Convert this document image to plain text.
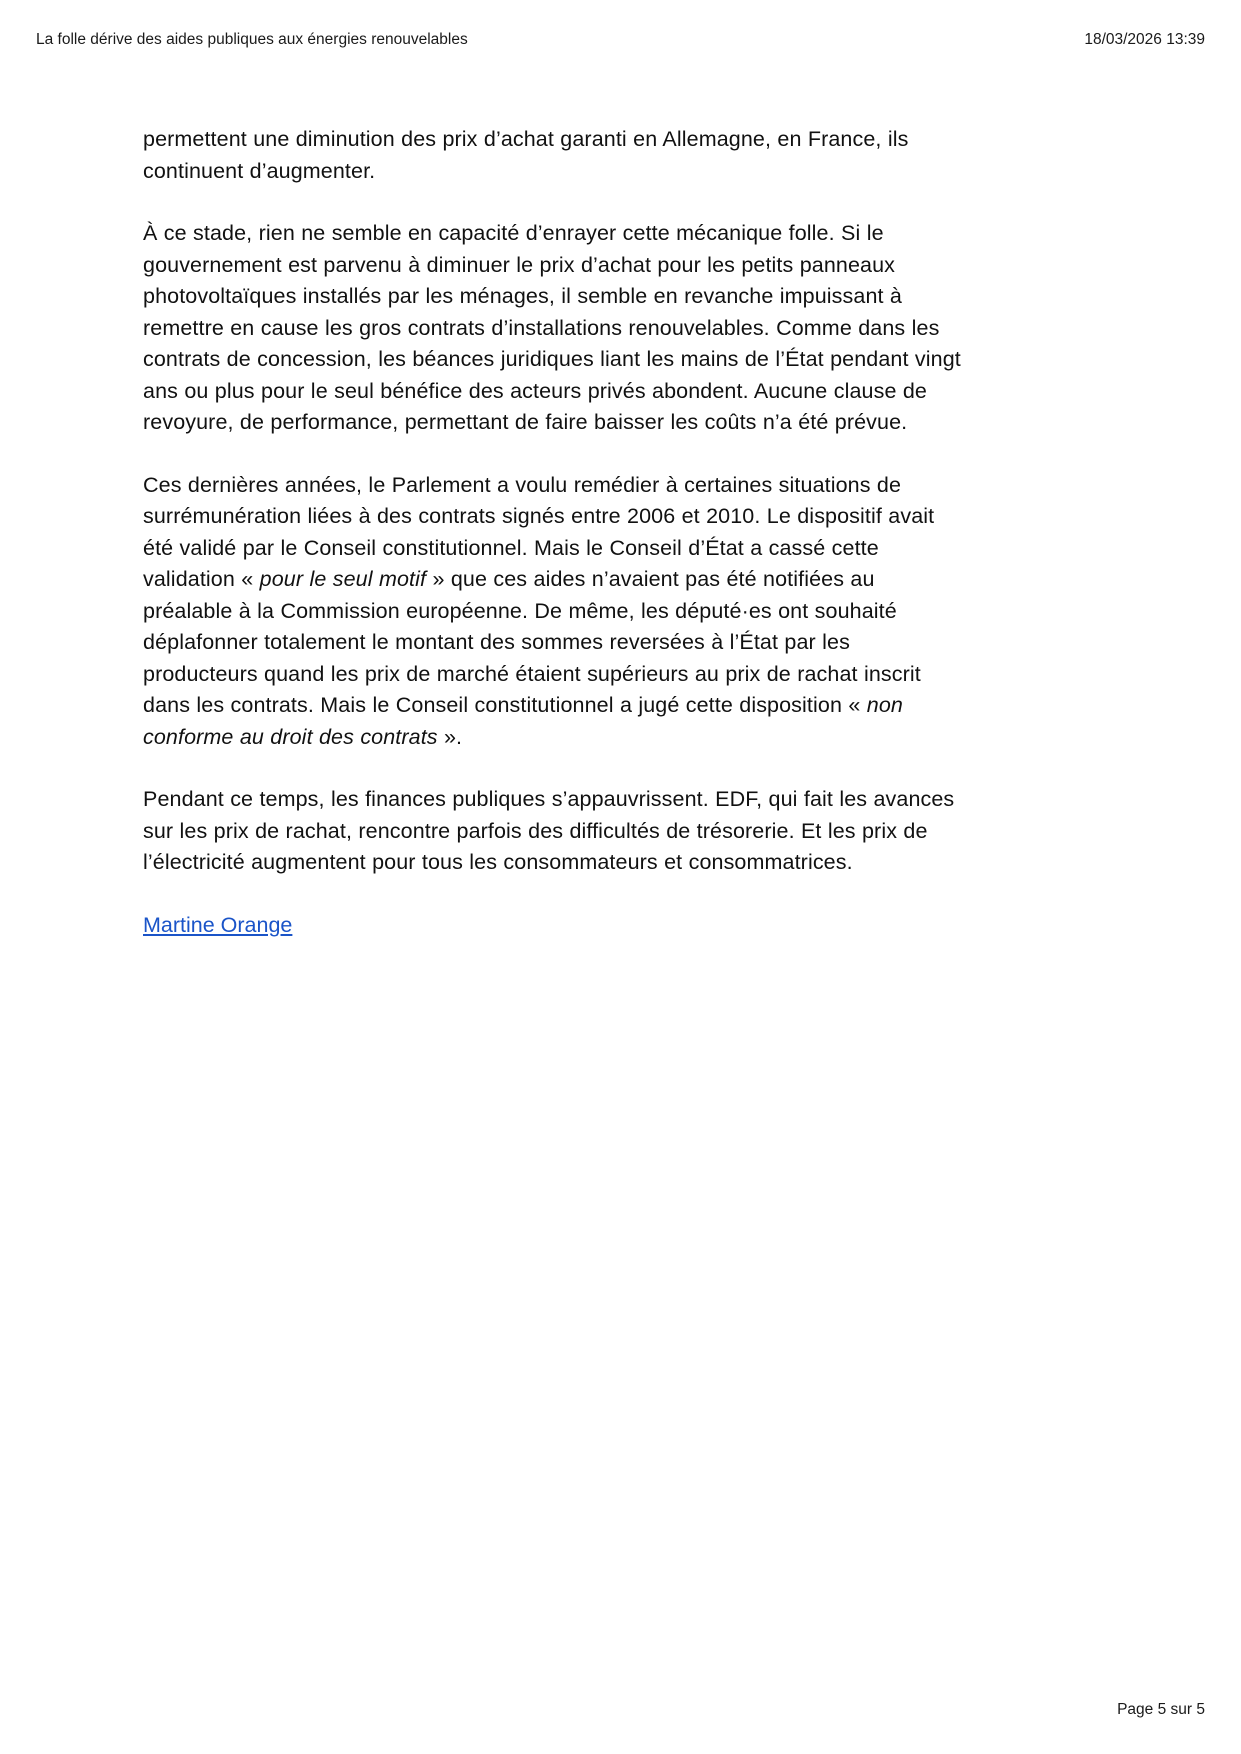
La folle dérive des aides publiques aux énergies renouvelables	18/03/2026 13:39

permettent une diminution des prix d’achat garanti en Allemagne, en France, ils continuent d’augmenter.

À ce stade, rien ne semble en capacité d’enrayer cette mécanique folle. Si le gouvernement est parvenu à diminuer le prix d’achat pour les petits panneaux photovoltaïques installés par les ménages, il semble en revanche impuissant à remettre en cause les gros contrats d’installations renouvelables. Comme dans les contrats de concession, les béances juridiques liant les mains de l’État pendant vingt ans ou plus pour le seul bénéfice des acteurs privés abondent. Aucune clause de revoyure, de performance, permettant de faire baisser les coûts n’a été prévue.

Ces dernières années, le Parlement a voulu remédier à certaines situations de surrémunération liées à des contrats signés entre 2006 et 2010. Le dispositif avait été validé par le Conseil constitutionnel. Mais le Conseil d’État a cassé cette validation « pour le seul motif » que ces aides n’avaient pas été notifiées au préalable à la Commission européenne. De même, les député·es ont souhaité déplafonner totalement le montant des sommes reversées à l’État par les producteurs quand les prix de marché étaient supérieurs au prix de rachat inscrit dans les contrats. Mais le Conseil constitutionnel a jugé cette disposition « non conforme au droit des contrats ».

Pendant ce temps, les finances publiques s’appauvrissent. EDF, qui fait les avances sur les prix de rachat, rencontre parfois des difficultés de trésorerie. Et les prix de l’électricité augmentent pour tous les consommateurs et consommatrices.

Martine Orange
Page 5 sur 5
